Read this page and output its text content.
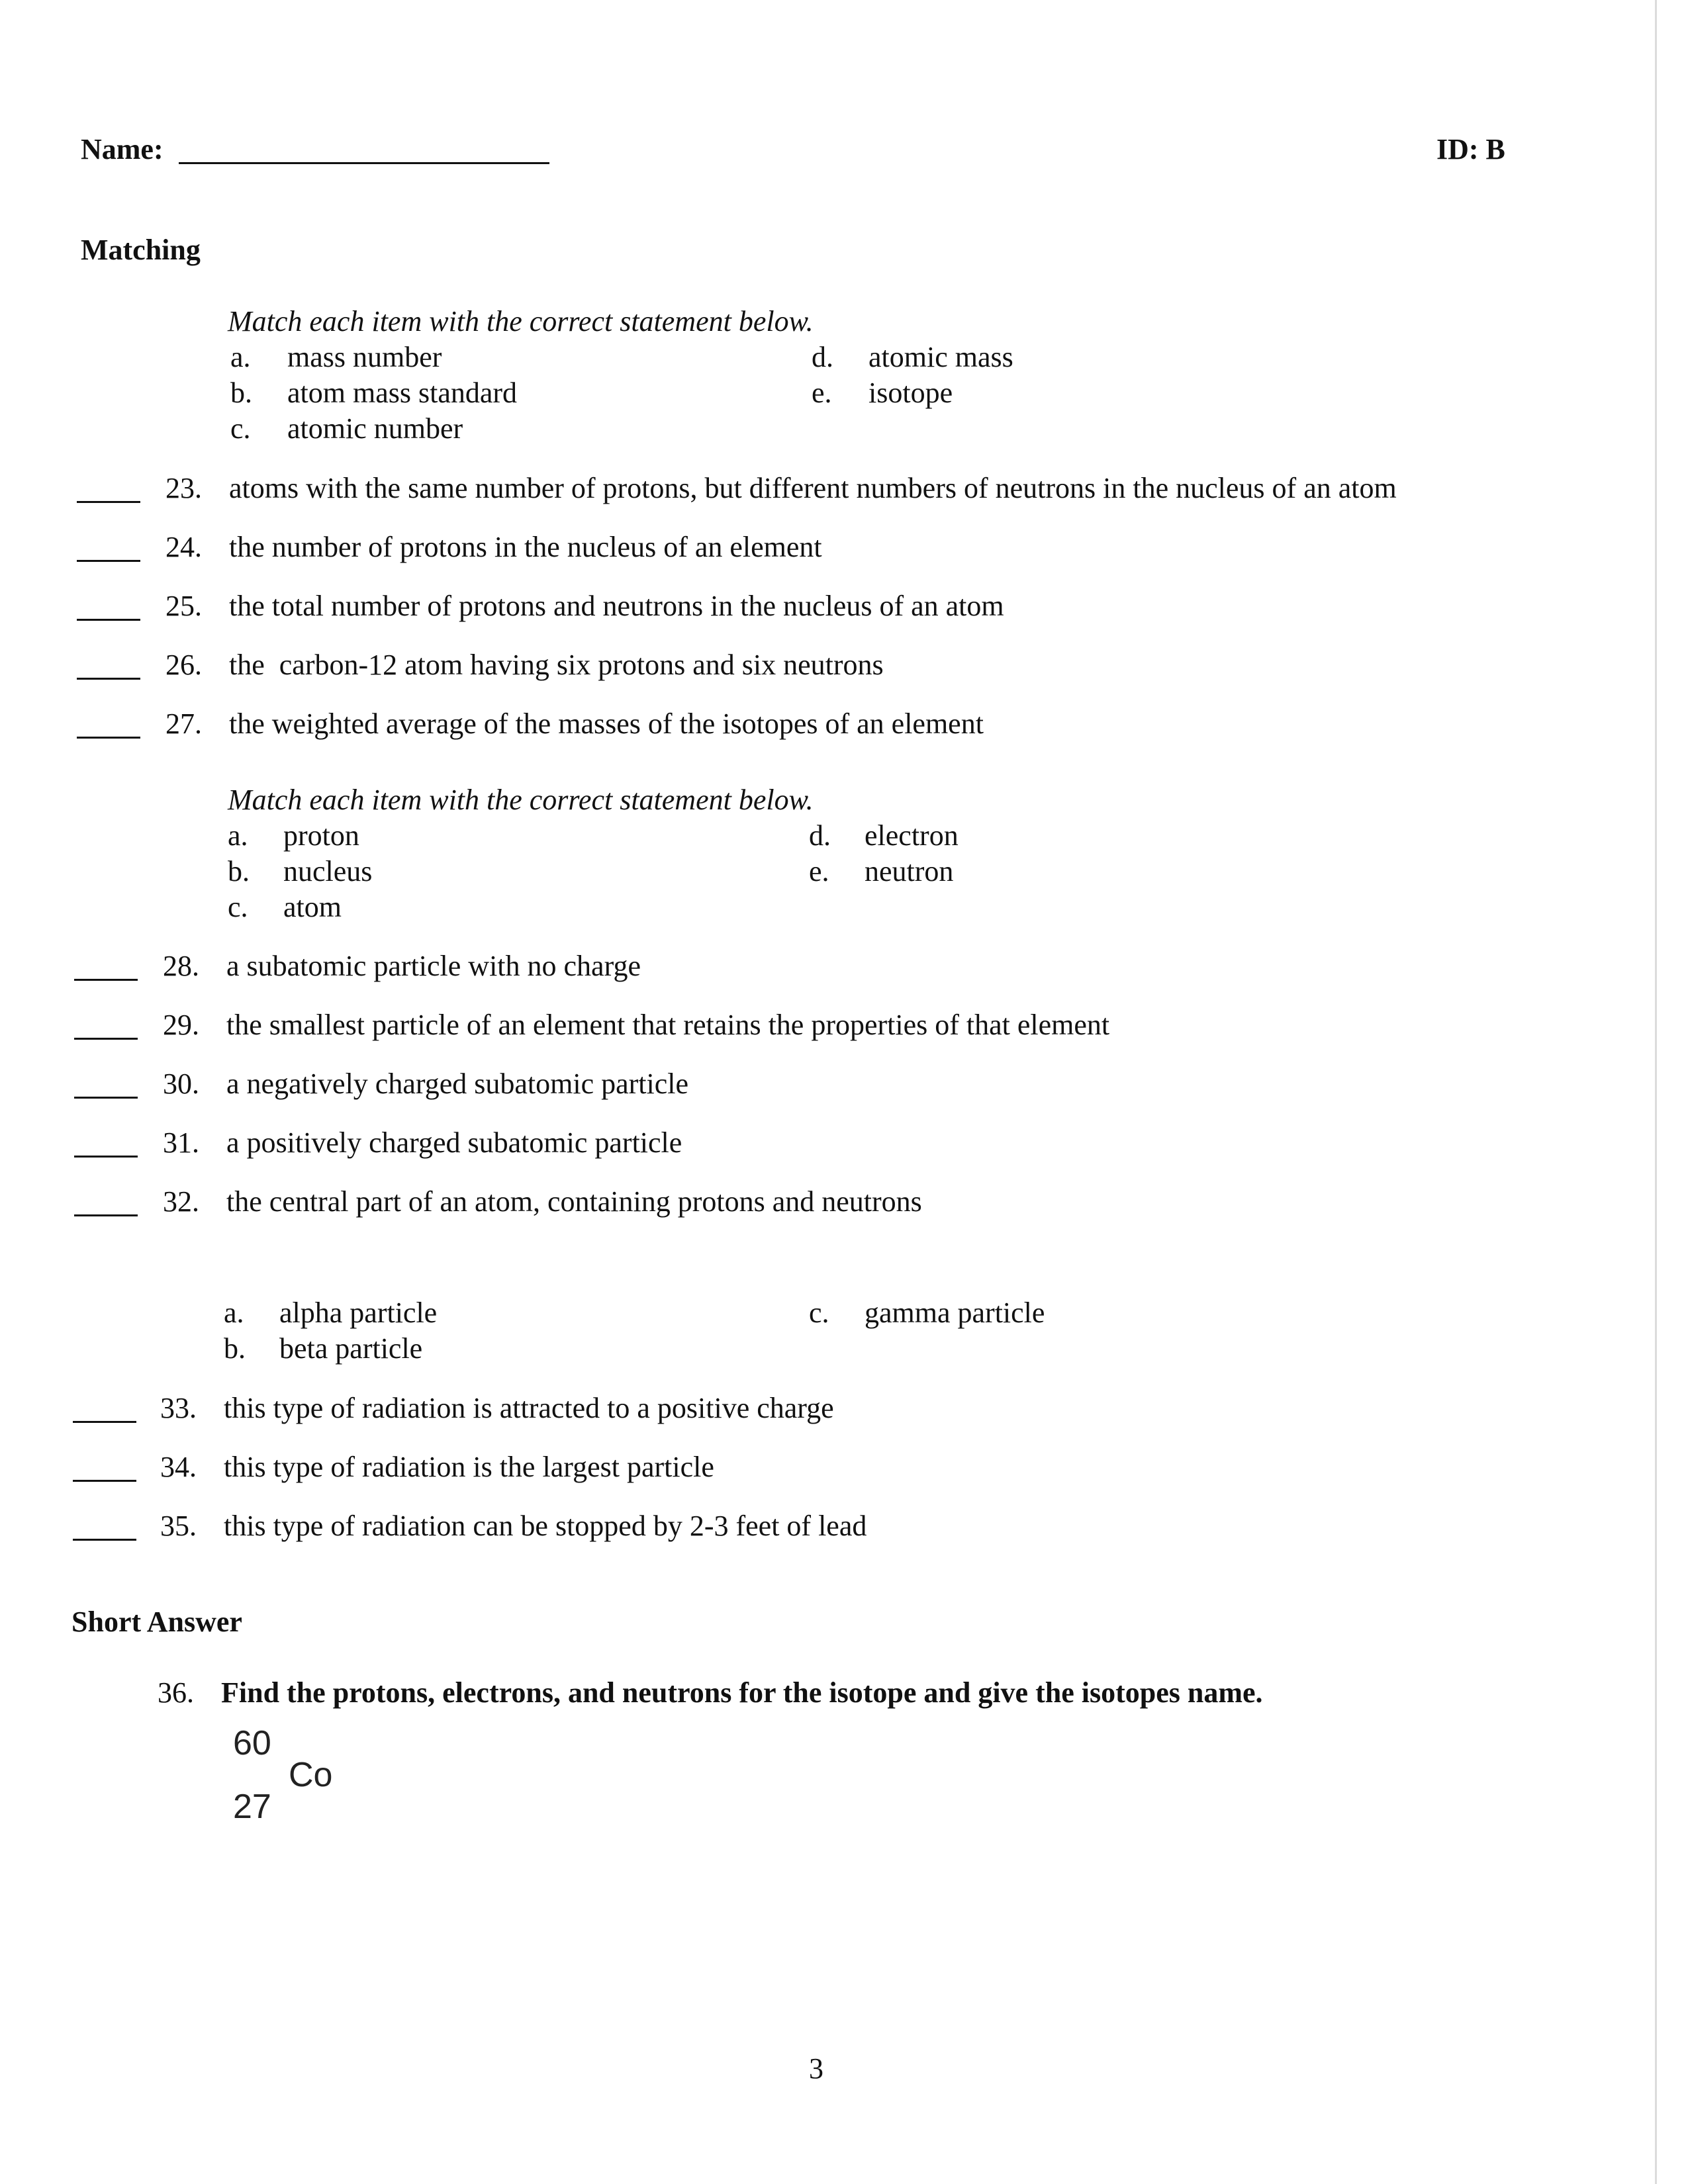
Name:	ID: B
Matching
Match each item with the correct statement below.
a. mass number
b. atom mass standard
c. atomic number
d. atomic mass
e. isotope
23. atoms with the same number of protons, but different numbers of neutrons in the nucleus of an atom
24. the number of protons in the nucleus of an element
25. the total number of protons and neutrons in the nucleus of an atom
26. the  carbon-12 atom having six protons and six neutrons
27. the weighted average of the masses of the isotopes of an element
Match each item with the correct statement below.
a. proton
b. nucleus
c. atom
d. electron
e. neutron
28. a subatomic particle with no charge
29. the smallest particle of an element that retains the properties of that element
30. a negatively charged subatomic particle
31. a positively charged subatomic particle
32. the central part of an atom, containing protons and neutrons
a. alpha particle
b. beta particle
c. gamma particle
33. this type of radiation is attracted to a positive charge
34. this type of radiation is the largest particle
35. this type of radiation can be stopped by 2-3 feet of lead
Short Answer
36. Find the protons, electrons, and neutrons for the isotope and give the isotopes name.
60
Co
27
3
